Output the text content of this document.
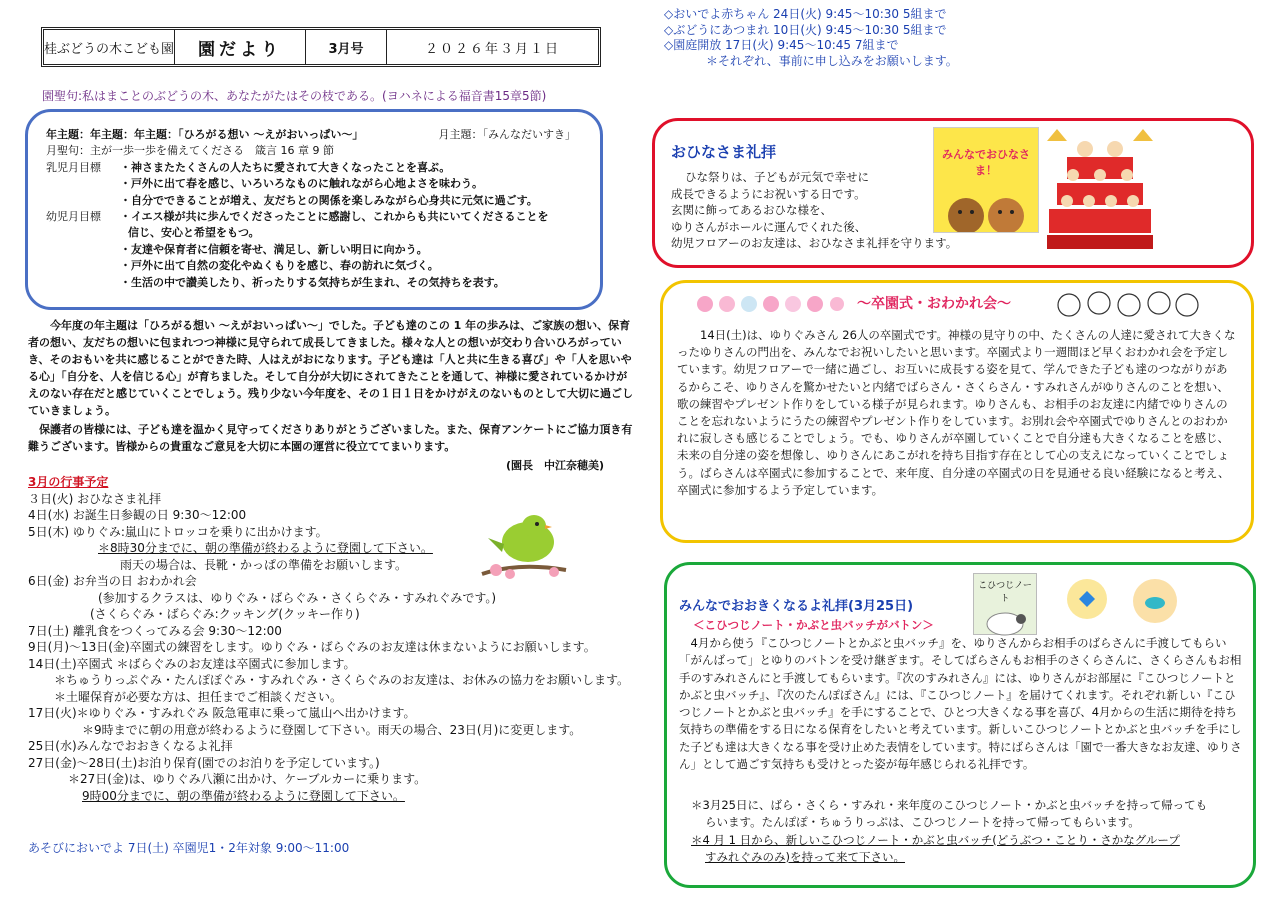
桂ぶどうの木こども園	園だより	3月号	２０２６年３月１日
園聖句:私はまことのぶどうの木、あなたがたはその枝である。(ヨハネによる福音書15章5節)
年主題：年主題：年主題：「ひろがる想い ～えがおいっぱい～」	月主題：「みんなだいすき」
月聖句：主が一歩一歩を備えてくださる　箴言 16 章 9 節
乳児月目標	・神さまたたくさんの人たちに愛されて大きくなったことを喜ぶ。
・戸外に出て春を感じ、いろいろなものに触れながら心地よさを味わう。
・自分でできることが増え、友だちとの関係を楽しみながら心身共に元気に過ごす。
幼児月目標	・イエス様が共に歩んでくださったことに感謝し、これからも共にいてくださることを
信じ、安心と希望をもつ。
・友達や保育者に信頼を寄せ、満足し、新しい明日に向かう。
・戸外に出て自然の変化やぬくもりを感じ、春の訪れに気づく。
・生活の中で讃美したり、祈ったりする気持ちが生まれ、その気持ちを表す。
今年度の年主題は「ひろがる想い ～えがおいっぱい～」でした。子ども達のこの 1 年の歩みは、ご家族の想い、保育者の想い、友だちの想いに包まれつつ神様に見守られて成長してきました。様々な人との想いが交わり合いひろがっていき、そのおもいを共に感じることができた時、人はえがおになります。子ども達は「人と共に生きる喜び」や「人を思いやる心」「自分を、人を信じる心」が育ちました。そして自分が大切にされてきたことを通して、神様に愛されているかけがえのない存在だと感じていくことでしょう。残り少ない今年度を、その１日１日をかけがえのないものとして大切に過ごしていきましょう。
保護者の皆様には、子ども達を温かく見守ってくださりありがとうございました。また、保育アンケートにご協力頂き有難うございます。皆様からの貴重なご意見を大切に本園の運営に役立ててまいります。
(園長　中江奈穂美)
3月の行事予定
３日(火) おひなさま礼拝
4日(水) お誕生日参観の日 9:30～12:00
5日(木) ゆりぐみ:嵐山にトロッコを乗りに出かけます。
＊8時30分までに、朝の準備が終わるように登園して下さい。
雨天の場合は、長靴・かっぱの準備をお願いします。
6日(金) お弁当の日 おわかれ会
(参加するクラスは、ゆりぐみ・ばらぐみ・さくらぐみ・すみれぐみです。)
(さくらぐみ・ばらぐみ:クッキング(クッキー作り)
7日(土) 離乳食をつくってみる会 9:30～12:00
9日(月)～13日(金)卒園式の練習をします。ゆりぐみ・ばらぐみのお友達は休まないようにお願いします。
14日(土)卒園式 ＊ばらぐみのお友達は卒園式に参加します。
＊ちゅうりっぷぐみ・たんぽぽぐみ・すみれぐみ・さくらぐみのお友達は、お休みの協力をお願いします。
＊土曜保育が必要な方は、担任までご相談ください。
17日(火)＊ゆりぐみ・すみれぐみ 阪急電車に乗って嵐山へ出かけます。
＊9時までに朝の用意が終わるように登園して下さい。雨天の場合、23日(月)に変更します。
25日(水)みんなでおおきくなるよ礼拝
27日(金)～28日(土)お泊り保育(園でのお泊りを予定しています。)
＊27日(金)は、ゆりぐみ八瀬に出かけ、ケーブルカーに乗ります。
9時00分までに、朝の準備が終わるように登園して下さい。
あそびにおいでよ 7日(土) 卒園児1・2年対象 9:00～11:00
◇おいでよ赤ちゃん 24日(火) 9:45～10:30 5組まで
◇ぶどうにあつまれ 10日(火) 9:45～10:30 5組まで
◇園庭開放 17日(火) 9:45～10:45 7組まで
＊それぞれ、事前に申し込みをお願いします。
おひなさま礼拝
ひな祭りは、子どもが元気で幸せに
成長できるようにお祝いする日です。
玄関に飾ってあるおひな様を、
ゆりさんがホールに運んでくれた後、
幼児フロアーのお友達は、おひなさま礼拝を守ります。
みんなでおひなさま！
～卒園式・おわかれ会～
14日(土)は、ゆりぐみさん 26人の卒園式です。神様の見守りの中、たくさんの人達に愛されて大きくなったゆりさんの門出を、みんなでお祝いしたいと思います。卒園式より一週間ほど早くおわかれ会を予定しています。幼児フロアーで一緒に過ごし、お互いに成長する姿を見て、学んできた子ども達のつながりがあるからこそ、ゆりさんを驚かせたいと内緒でばらさん・さくらさん・すみれさんがゆりさんのことを想い、歌の練習やプレゼント作りをしている様子が見られます。ゆりさんも、お相手のお友達に内緒でゆりさんのことを忘れないようにうたの練習やプレゼント作りをしています。お別れ会や卒園式でゆりさんとのおわかれに寂しさも感じることでしょう。でも、ゆりさんが卒園していくことで自分達も大きくなることを感じ、未来の自分達の姿を想像し、ゆりさんにあこがれを持ち目指す存在として心の支えになっていくことでしょう。ばらさんは卒園式に参加することで、来年度、自分達の卒園式の日を見通せる良い経験になると考え、卒園式に参加するよう予定しています。
みんなでおおきくなるよ礼拝(3月25日)
＜こひつじノート・かぶと虫バッチがバトン＞
こひつじノート
4月から使う『こひつじノートとかぶと虫バッチ』を、ゆりさんからお相手のばらさんに手渡してもらい「がんばって」とゆりのバトンを受け継ぎます。そしてばらさんもお相手のさくらさんに、さくらさんもお相手のすみれさんにと手渡してもらいます。『次のすみれさん』には、ゆりさんがお部屋に『こひつじノートとかぶと虫バッチ』、『次のたんぽぽさん』には、『こひつじノート』を届けてくれます。それぞれ新しい『こひつじノートとかぶと虫バッチ』を手にすることで、ひとつ大きくなる事を喜び、4月からの生活に期待を持ち気持ちの準備をする日になる保育をしたいと考えています。新しいこひつじノートとかぶと虫バッチを手にした子ども達は大きくなる事を受け止めた表情をしています。特にばらさんは「園で一番大きなお友達、ゆりさん」として過ごす気持ちも受けとった姿が毎年感じられる礼拝です。
＊3月25日に、ばら・さくら・すみれ・来年度のこひつじノート・かぶと虫バッチを持って帰っても
らいます。たんぽぽ・ちゅうりっぷは、こひつじノートを持って帰ってもらいます。
＊4 月 1 日から、新しいこひつじノート・かぶと虫バッチ(どうぶつ・ことり・さかなグループ
すみれぐみのみ)を持って来て下さい。
